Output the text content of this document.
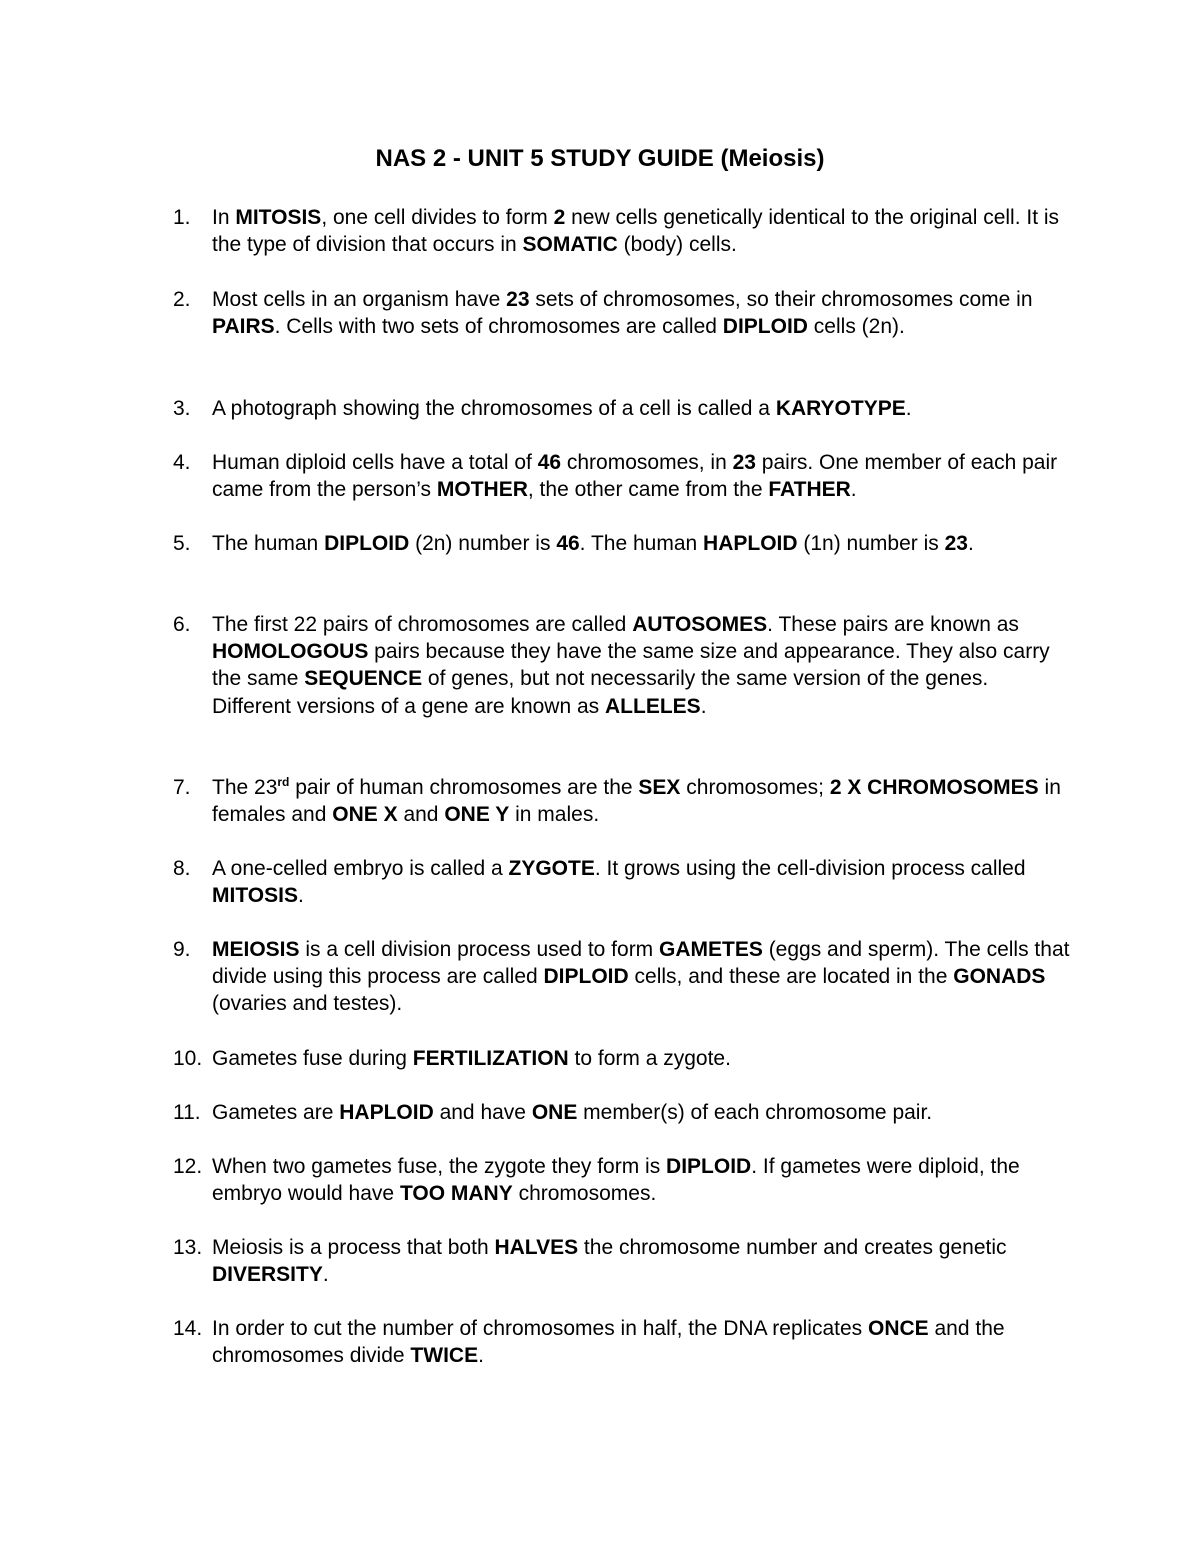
NAS 2 - UNIT 5 STUDY GUIDE (Meiosis)
1.	In MITOSIS, one cell divides to form 2 new cells genetically identical to the original cell. It is the type of division that occurs in SOMATIC (body) cells.
2.	Most cells in an organism have 23 sets of chromosomes, so their chromosomes come in PAIRS. Cells with two sets of chromosomes are called DIPLOID cells (2n).
3.	A photograph showing the chromosomes of a cell is called a KARYOTYPE.
4.	Human diploid cells have a total of 46 chromosomes, in 23 pairs. One member of each pair came from the person’s MOTHER, the other came from the FATHER.
5.	The human DIPLOID (2n) number is 46. The human HAPLOID (1n) number is 23.
6.	The first 22 pairs of chromosomes are called AUTOSOMES. These pairs are known as HOMOLOGOUS pairs because they have the same size and appearance. They also carry the same SEQUENCE of genes, but not necessarily the same version of the genes. Different versions of a gene are known as ALLELES.
7.	The 23rd pair of human chromosomes are the SEX chromosomes; 2 X CHROMOSOMES in females and ONE X and ONE Y in males.
8.	A one-celled embryo is called a ZYGOTE. It grows using the cell-division process called MITOSIS.
9.	MEIOSIS is a cell division process used to form GAMETES (eggs and sperm). The cells that divide using this process are called DIPLOID cells, and these are located in the GONADS (ovaries and testes).
10. Gametes fuse during FERTILIZATION to form a zygote.
11. Gametes are HAPLOID and have ONE member(s) of each chromosome pair.
12. When two gametes fuse, the zygote they form is DIPLOID. If gametes were diploid, the embryo would have TOO MANY chromosomes.
13. Meiosis is a process that both HALVES the chromosome number and creates genetic DIVERSITY.
14. In order to cut the number of chromosomes in half, the DNA replicates ONCE and the chromosomes divide TWICE.
